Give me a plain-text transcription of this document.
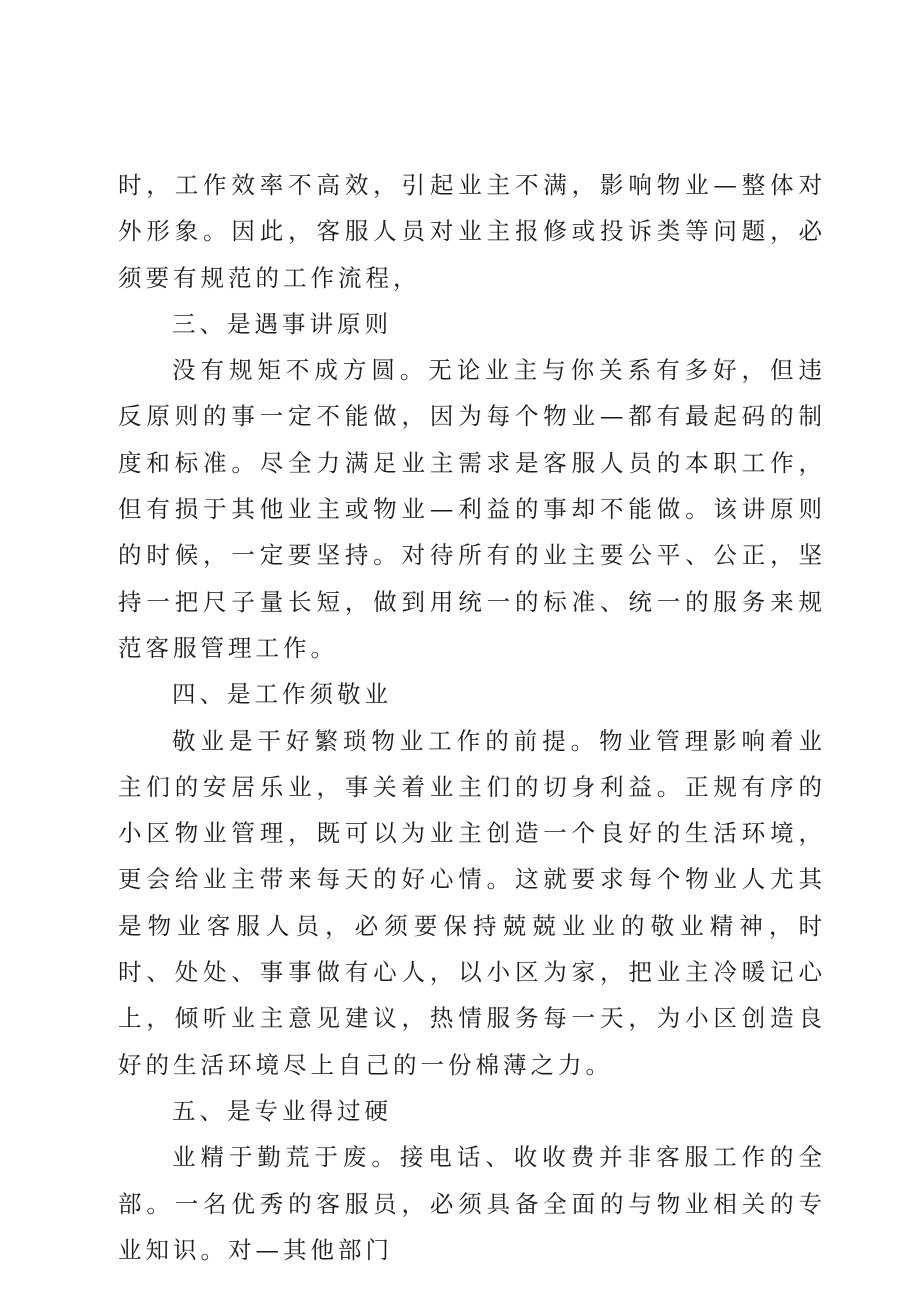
时，工作效率不高效，引起业主不满，影响物业—整体对外形象。因此，客服人员对业主报修或投诉类等问题，必须要有规范的工作流程，

三、是遇事讲原则

没有规矩不成方圆。无论业主与你关系有多好，但违反原则的事一定不能做，因为每个物业—都有最起码的制度和标准。尽全力满足业主需求是客服人员的本职工作，但有损于其他业主或物业—利益的事却不能做。该讲原则的时候，一定要坚持。对待所有的业主要公平、公正，坚持一把尺子量长短，做到用统一的标准、统一的服务来规范客服管理工作。

四、是工作须敬业

敬业是干好繁琐物业工作的前提。物业管理影响着业主们的安居乐业，事关着业主们的切身利益。正规有序的小区物业管理，既可以为业主创造一个良好的生活环境，更会给业主带来每天的好心情。这就要求每个物业人尤其是物业客服人员，必须要保持兢兢业业的敬业精神，时时、处处、事事做有心人，以小区为家，把业主冷暖记心上，倾听业主意见建议，热情服务每一天，为小区创造良好的生活环境尽上自己的一份棉薄之力。

五、是专业得过硬

业精于勤荒于废。接电话、收收费并非客服工作的全部。一名优秀的客服员，必须具备全面的与物业相关的专业知识。对—其他部门
